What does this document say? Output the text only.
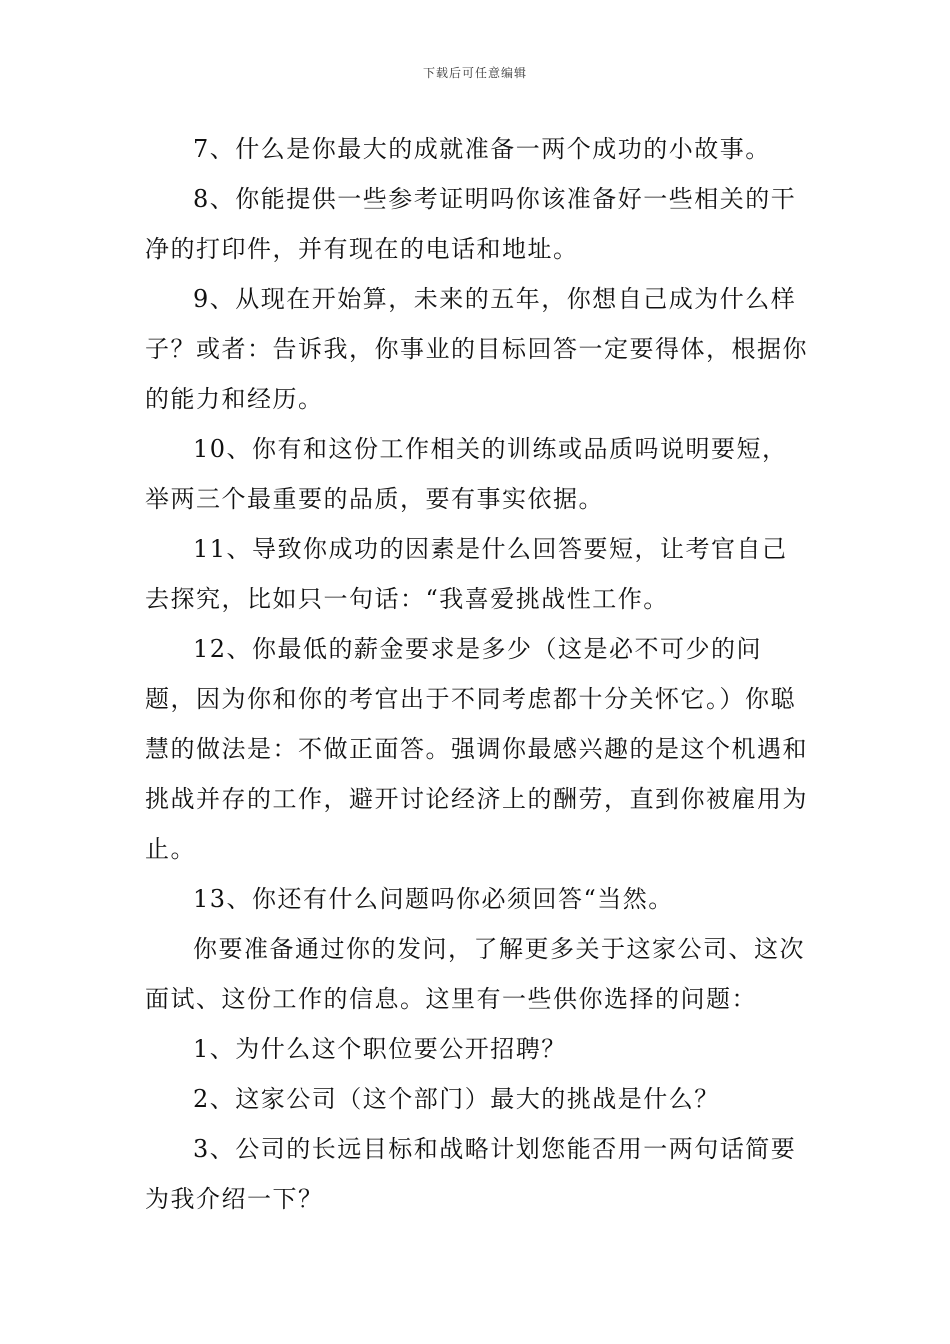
下载后可任意编辑

7、什么是你最大的成就准备一两个成功的小故事。

8、你能提供一些参考证明吗你该准备好一些相关的干净的打印件，并有现在的电话和地址。

9、从现在开始算，未来的五年，你想自己成为什么样子？或者：告诉我，你事业的目标回答一定要得体，根据你的能力和经历。

10、你有和这份工作相关的训练或品质吗说明要短，举两三个最重要的品质，要有事实依据。

11、导致你成功的因素是什么回答要短，让考官自己去探究，比如只一句话：“我喜爱挑战性工作。

12、你最低的薪金要求是多少（这是必不可少的问题，因为你和你的考官出于不同考虑都十分关怀它。）你聪慧的做法是：不做正面答。强调你最感兴趣的是这个机遇和挑战并存的工作，避开讨论经济上的酬劳，直到你被雇用为止。

13、你还有什么问题吗你必须回答“当然。

你要准备通过你的发问，了解更多关于这家公司、这次面试、这份工作的信息。这里有一些供你选择的问题：

1、为什么这个职位要公开招聘？

2、这家公司（这个部门）最大的挑战是什么？

3、公司的长远目标和战略计划您能否用一两句话简要为我介绍一下？
